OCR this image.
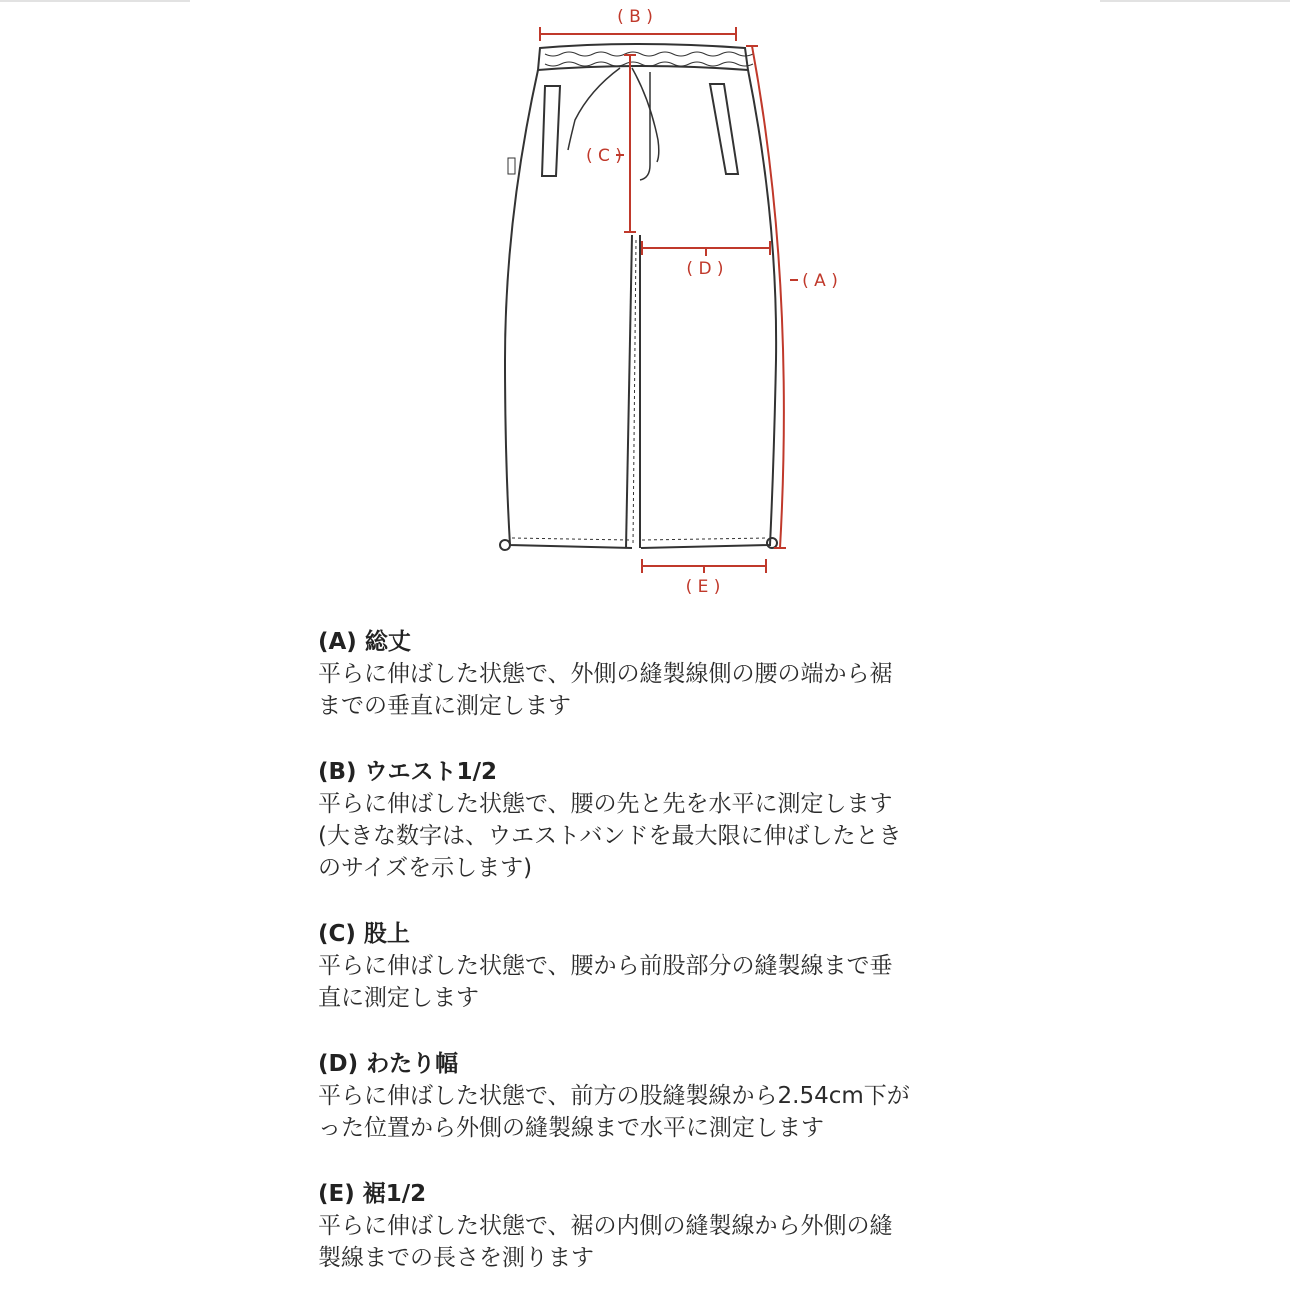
( B )
( C )
( D )
( A )
( E )
(A) 総丈
平らに伸ばした状態で、外側の縫製線側の腰の端から裾
までの垂直に測定します
(B) ウエスト1/2
平らに伸ばした状態で、腰の先と先を水平に測定します
(大きな数字は、ウエストバンドを最大限に伸ばしたとき
のサイズを示します)
(C) 股上
平らに伸ばした状態で、腰から前股部分の縫製線まで垂
直に測定します
(D) わたり幅
平らに伸ばした状態で、前方の股縫製線から2.54cm下が
った位置から外側の縫製線まで水平に測定します
(E) 裾1/2
平らに伸ばした状態で、裾の内側の縫製線から外側の縫
製線までの長さを測ります
